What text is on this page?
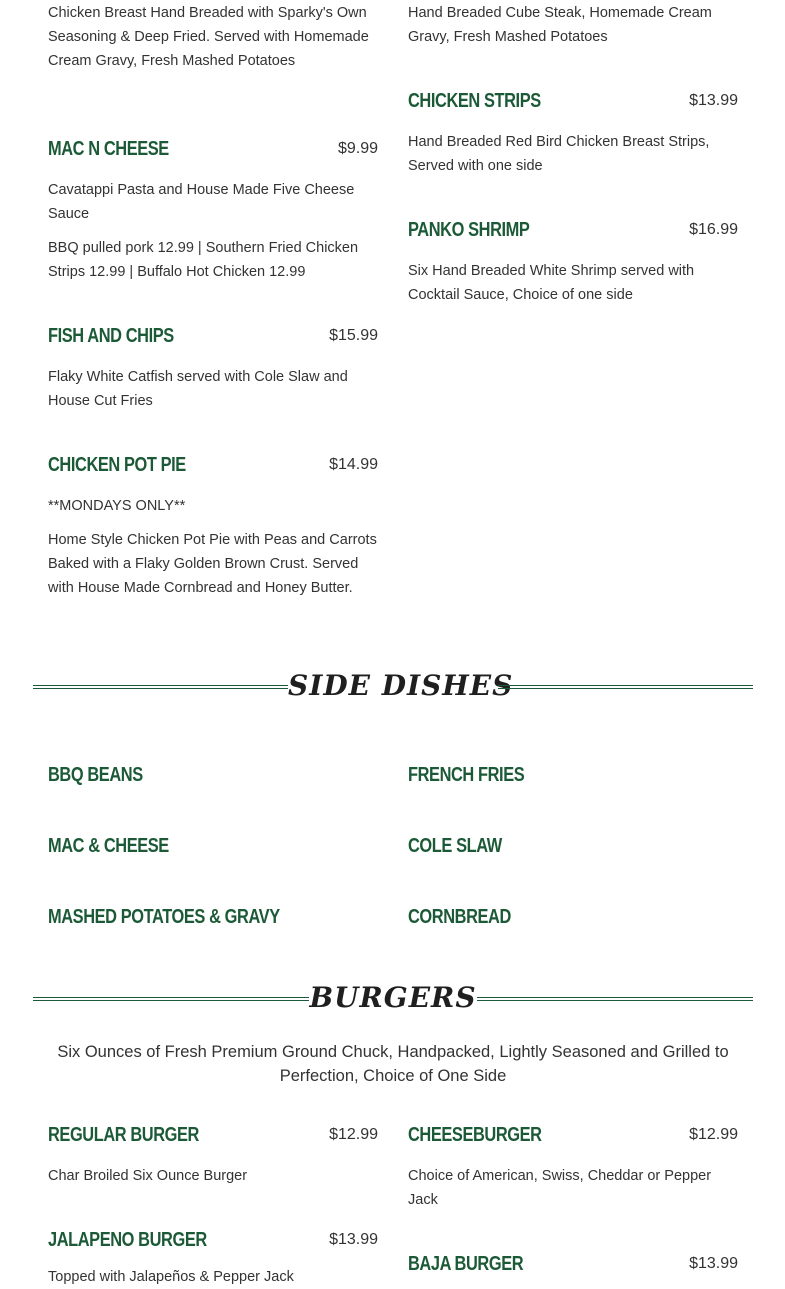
Chicken Breast Hand Breaded with Sparky's Own Seasoning & Deep Fried. Served with Homemade Cream Gravy, Fresh Mashed Potatoes
Hand Breaded Cube Steak, Homemade Cream Gravy, Fresh Mashed Potatoes
MAC N CHEESE	$9.99
Cavatappi Pasta and House Made Five Cheese Sauce
BBQ pulled pork 12.99 | Southern Fried Chicken Strips 12.99 | Buffalo Hot Chicken 12.99
CHICKEN STRIPS	$13.99
Hand Breaded Red Bird Chicken Breast Strips, Served with one side
FISH AND CHIPS	$15.99
Flaky White Catfish served with Cole Slaw and House Cut Fries
PANKO SHRIMP	$16.99
Six Hand Breaded White Shrimp served with Cocktail Sauce, Choice of one side
CHICKEN POT PIE	$14.99
**MONDAYS ONLY**
Home Style Chicken Pot Pie with Peas and Carrots Baked with a Flaky Golden Brown Crust. Served with House Made Cornbread and Honey Butter.
SIDE DISHES
BBQ BEANS	FRENCH FRIES
MAC & CHEESE	COLE SLAW
MASHED POTATOES & GRAVY	CORNBREAD
BURGERS
Six Ounces of Fresh Premium Ground Chuck, Handpacked, Lightly Seasoned and Grilled to Perfection, Choice of One Side
REGULAR BURGER	$12.99
Char Broiled Six Ounce Burger
CHEESEBURGER	$12.99
Choice of American, Swiss, Cheddar or Pepper Jack
JALAPENO BURGER	$13.99
Topped with Jalapeños & Pepper Jack
BAJA BURGER	$13.99
